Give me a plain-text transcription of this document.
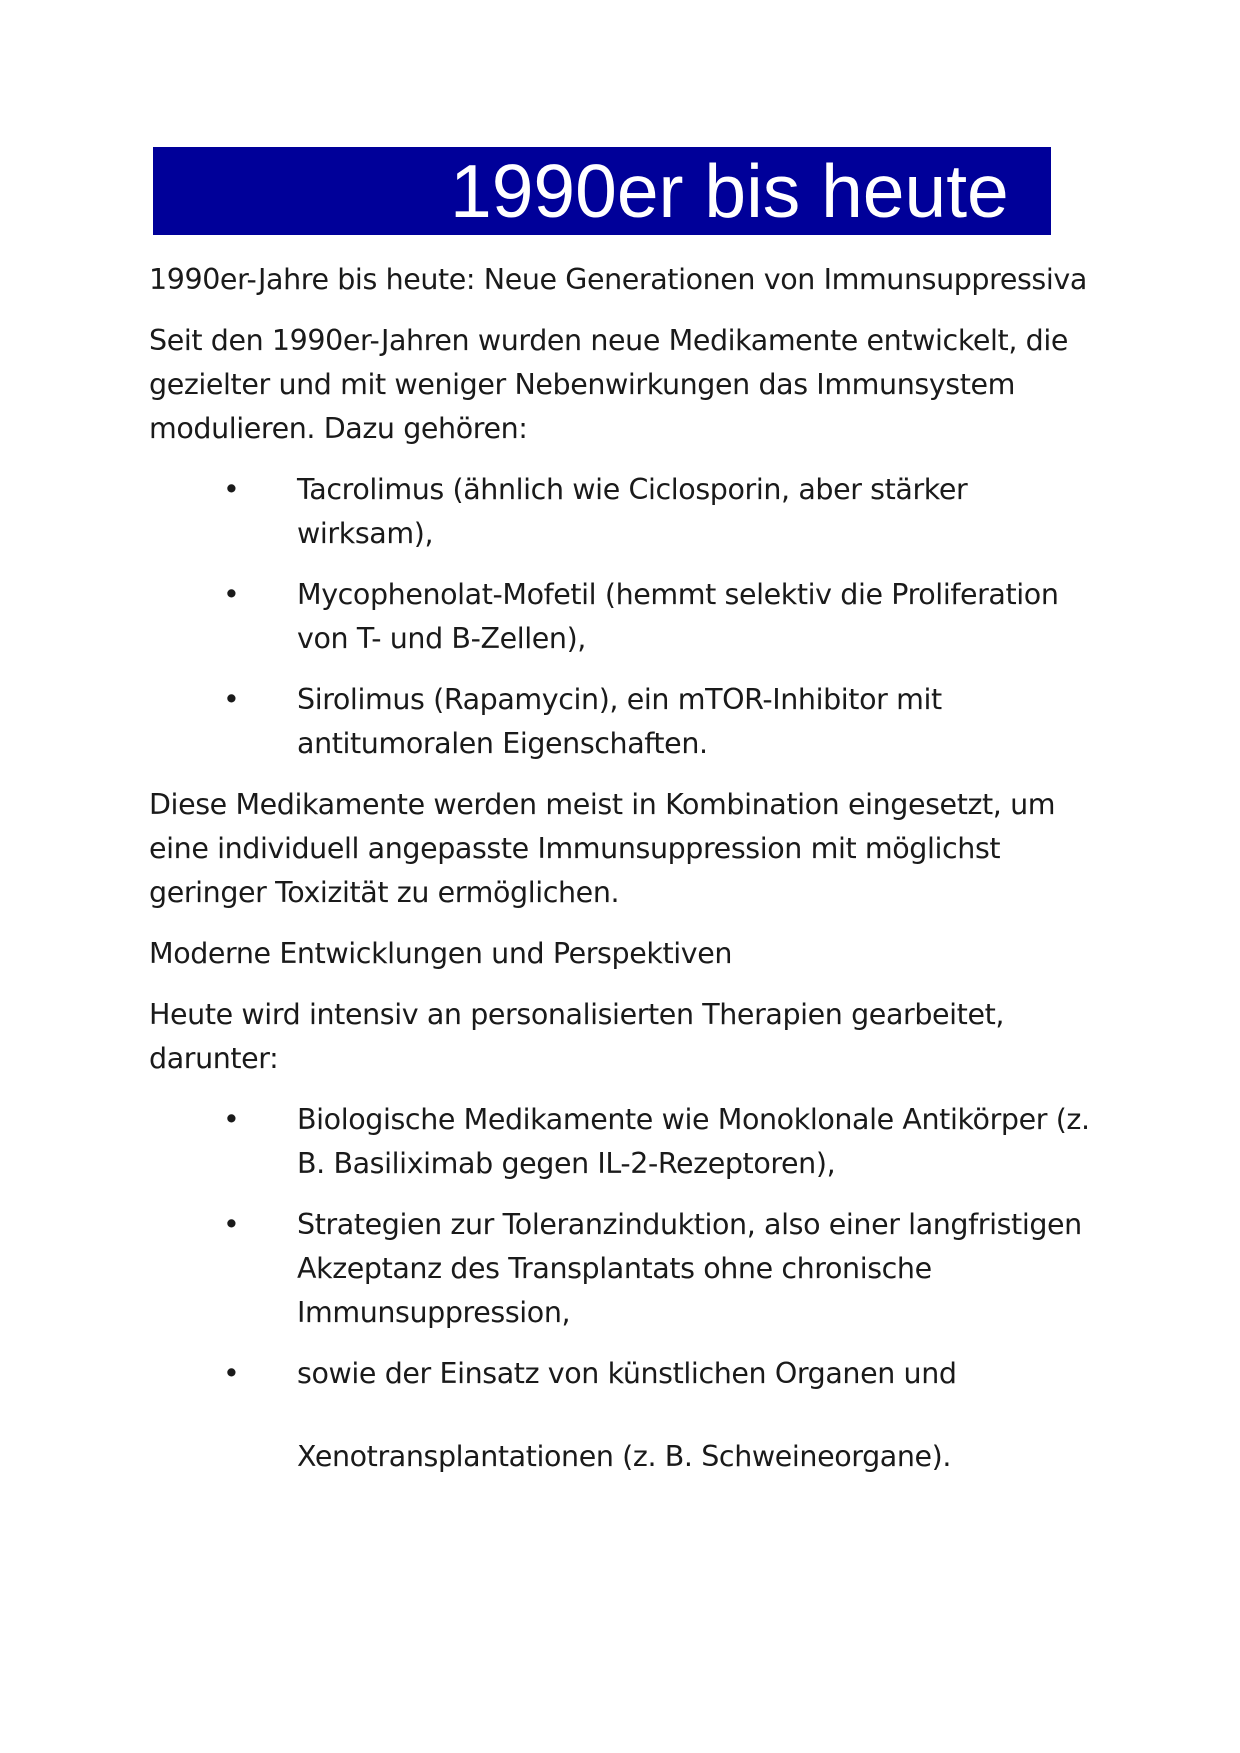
1990er bis heute

1990er-Jahre bis heute: Neue Generationen von Immunsuppressiva

Seit den 1990er-Jahren wurden neue Medikamente entwickelt, die gezielter und mit weniger Nebenwirkungen das Immunsystem modulieren. Dazu gehören:

• Tacrolimus (ähnlich wie Ciclosporin, aber stärker wirksam),
• Mycophenolat-Mofetil (hemmt selektiv die Proliferation von T- und B-Zellen),
• Sirolimus (Rapamycin), ein mTOR-Inhibitor mit antitumoralen Eigenschaften.

Diese Medikamente werden meist in Kombination eingesetzt, um eine individuell angepasste Immunsuppression mit möglichst geringer Toxizität zu ermöglichen.

Moderne Entwicklungen und Perspektiven

Heute wird intensiv an personalisierten Therapien gearbeitet, darunter:

• Biologische Medikamente wie Monoklonale Antikörper (z. B. Basiliximab gegen IL-2-Rezeptoren),
• Strategien zur Toleranzinduktion, also einer langfristigen Akzeptanz des Transplantats ohne chronische Immunsuppression,
• sowie der Einsatz von künstlichen Organen und
Xenotransplantationen (z. B. Schweineorgane).
